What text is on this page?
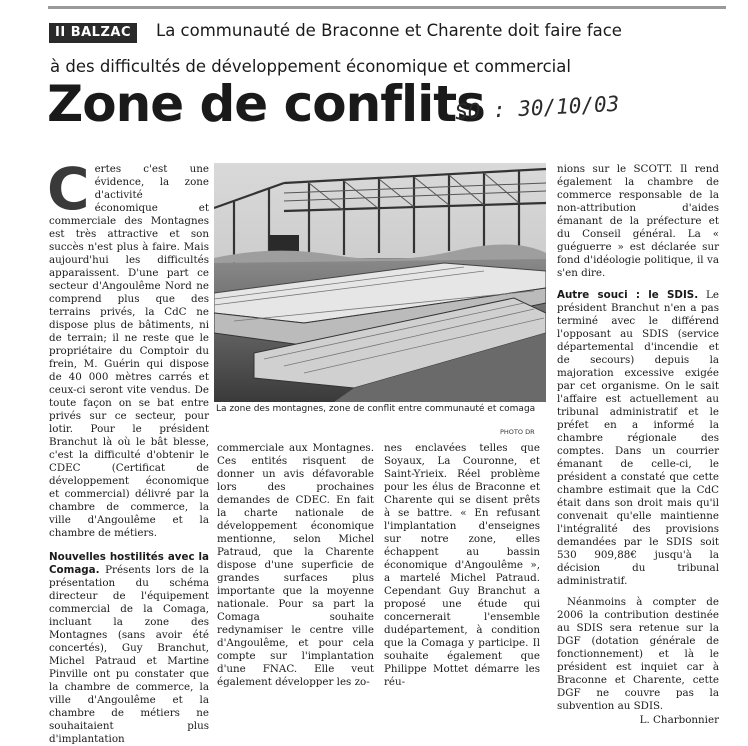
II BALZAC	La communauté de Braconne et Charente doit faire face
à des difficultés de développement économique et commercial
Zone de conflits
SO : 30/10/03

C ertes c'est une évidence, la zone d'activité économique et commerciale des Montagnes est très attractive et son succès n'est plus à faire. Mais aujourd'hui les difficultés apparaissent. D'une part ce secteur d'Angoulême Nord ne comprend plus que des terrains privés, la CdC ne dispose plus de bâtiments, ni de terrain; il ne reste que le propriétaire du Comptoir du frein, M. Guérin qui dispose de 40 000 mètres carrés et ceux-ci seront vite vendus. De toute façon on se bat entre privés sur ce secteur, pour lotir. Pour le président Branchut là où le bât blesse, c'est la difficulté d'obtenir le CDEC (Certificat de développement économique et commercial) délivré par la chambre de commerce, la ville d'Angoulême et la chambre de métiers.

Nouvelles hostilités avec la Comaga. Présents lors de la présentation du schéma directeur de l'équipement commercial de la Comaga, incluant la zone des Montagnes (sans avoir été concertés), Guy Branchut, Michel Patraud et Martine Pinville ont pu constater que la chambre de commerce, la ville d'Angoulême et la chambre de métiers ne souhaitaient plus d'implantation

La zone des montagnes, zone de conflit entre communauté et comaga
PHOTO DR

commerciale aux Montagnes. Ces entités risquent de donner un avis défavorable lors des prochaines demandes de CDEC. En fait la charte nationale de développement économique mentionne, selon Michel Patraud, que la Charente dispose d'une superficie de grandes surfaces plus importante que la moyenne nationale. Pour sa part la Comaga souhaite redynamiser le centre ville d'Angoulême, et pour cela compte sur l'implantation d'une FNAC. Elle veut également développer les zo-

nes enclavées telles que Soyaux, La Couronne, et Saint-Yrieix. Réel problème pour les élus de Braconne et Charente qui se disent prêts à se battre. « En refusant l'implantation d'enseignes sur notre zone, elles échappent au bassin économique d'Angoulême », a martelé Michel Patraud. Cependant Guy Branchut a proposé une étude qui concernerait l'ensemble dudépartement, à condition que la Comaga y participe. Il souhaite également que Philippe Mottet démarre les réu-

nions sur le SCOTT. Il rend également la chambre de commerce responsable de la non-attribution d'aides émanant de la préfecture et du Conseil général. La « guéguerre » est déclarée sur fond d'idéologie politique, il va s'en dire.

Autre souci : le SDIS. Le président Branchut n'en a pas terminé avec le différend l'opposant au SDIS (service départemental d'incendie et de secours) depuis la majoration excessive exigée par cet organisme. On le sait l'affaire est actuellement au tribunal administratif et le préfet en a informé la chambre régionale des comptes. Dans un courrier émanant de celle-ci, le président a constaté que cette chambre estimait que la CdC était dans son droit mais qu'il convenait qu'elle maintienne l'intégralité des provisions demandées par le SDIS soit 530 909,88€ jusqu'à la décision du tribunal administratif.

Néanmoins à compter de 2006 la contribution destinée au SDIS sera retenue sur la DGF (dotation générale de fonctionnement) et là le président est inquiet car à Braconne et Charente, cette DGF ne couvre pas la subvention au SDIS.

L. Charbonnier
